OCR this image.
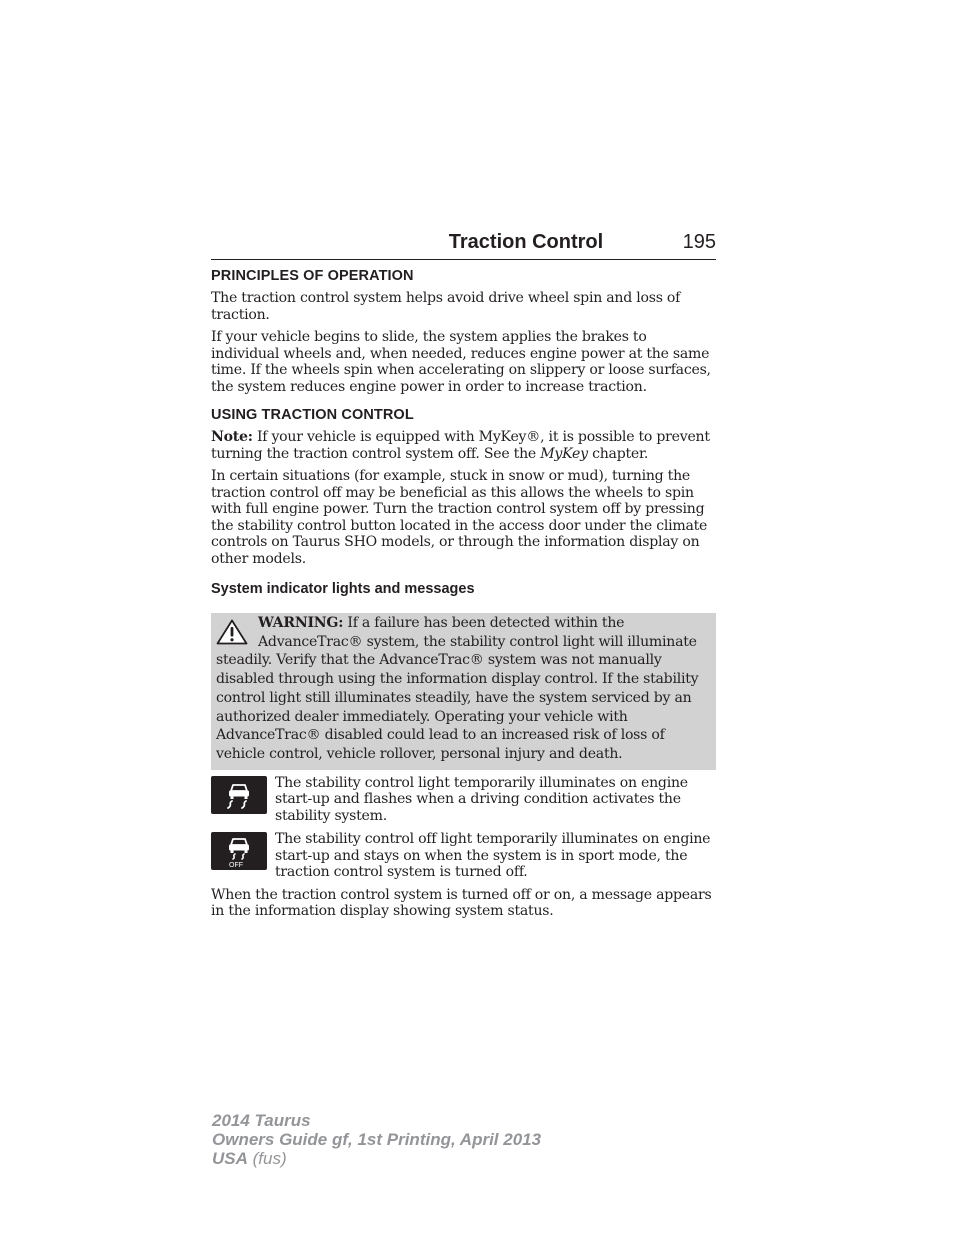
Traction Control	195
PRINCIPLES OF OPERATION

The traction control system helps avoid drive wheel spin and loss of traction.

If your vehicle begins to slide, the system applies the brakes to individual wheels and, when needed, reduces engine power at the same time. If the wheels spin when accelerating on slippery or loose surfaces, the system reduces engine power in order to increase traction.

USING TRACTION CONTROL

Note: If your vehicle is equipped with MyKey®, it is possible to prevent turning the traction control system off. See the MyKey chapter.

In certain situations (for example, stuck in snow or mud), turning the traction control off may be beneficial as this allows the wheels to spin with full engine power. Turn the traction control system off by pressing the stability control button located in the access door under the climate controls on Taurus SHO models, or through the information display on other models.

System indicator lights and messages

WARNING: If a failure has been detected within the AdvanceTrac® system, the stability control light will illuminate steadily. Verify that the AdvanceTrac® system was not manually disabled through using the information display control. If the stability control light still illuminates steadily, have the system serviced by an authorized dealer immediately. Operating your vehicle with AdvanceTrac® disabled could lead to an increased risk of loss of vehicle control, vehicle rollover, personal injury and death.

The stability control light temporarily illuminates on engine start-up and flashes when a driving condition activates the stability system.

OFF

The stability control off light temporarily illuminates on engine start-up and stays on when the system is in sport mode, the traction control system is turned off.

When the traction control system is turned off or on, a message appears in the information display showing system status.

2014 Taurus
Owners Guide gf, 1st Printing, April 2013
USA (fus)
